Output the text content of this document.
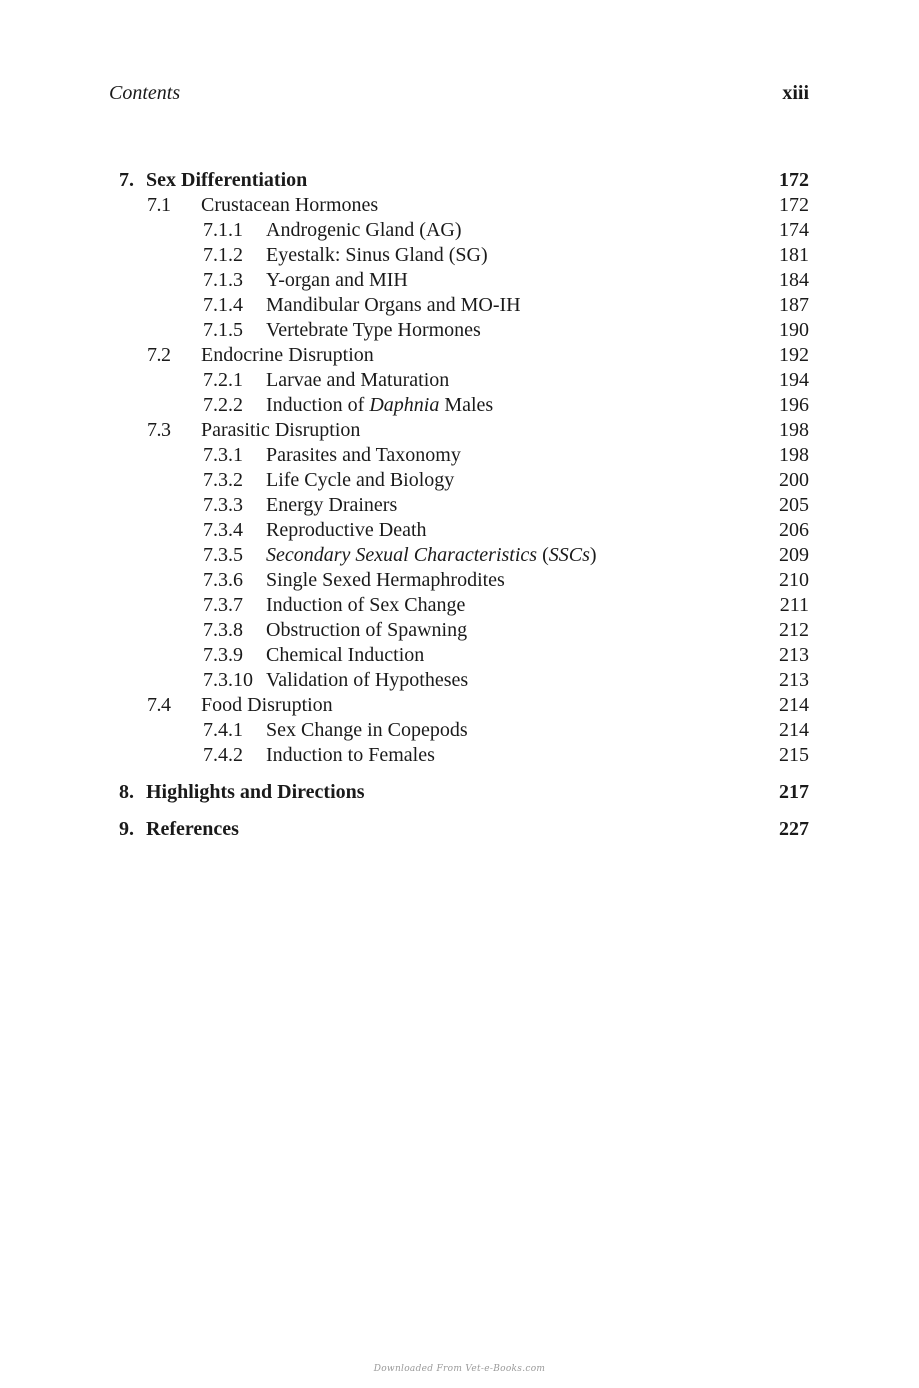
Contents	xiii
7. Sex Differentiation	172
7.1 Crustacean Hormones	172
7.1.1 Androgenic Gland (AG)	174
7.1.2 Eyestalk: Sinus Gland (SG)	181
7.1.3 Y-organ and MIH	184
7.1.4 Mandibular Organs and MO-IH	187
7.1.5 Vertebrate Type Hormones	190
7.2 Endocrine Disruption	192
7.2.1 Larvae and Maturation	194
7.2.2 Induction of Daphnia Males	196
7.3 Parasitic Disruption	198
7.3.1 Parasites and Taxonomy	198
7.3.2 Life Cycle and Biology	200
7.3.3 Energy Drainers	205
7.3.4 Reproductive Death	206
7.3.5 Secondary Sexual Characteristics (SSCs)	209
7.3.6 Single Sexed Hermaphrodites	210
7.3.7 Induction of Sex Change	211
7.3.8 Obstruction of Spawning	212
7.3.9 Chemical Induction	213
7.3.10 Validation of Hypotheses	213
7.4 Food Disruption	214
7.4.1 Sex Change in Copepods	214
7.4.2 Induction to Females	215
8. Highlights and Directions	217
9. References	227
Downloaded From Vet-e-Books.com
